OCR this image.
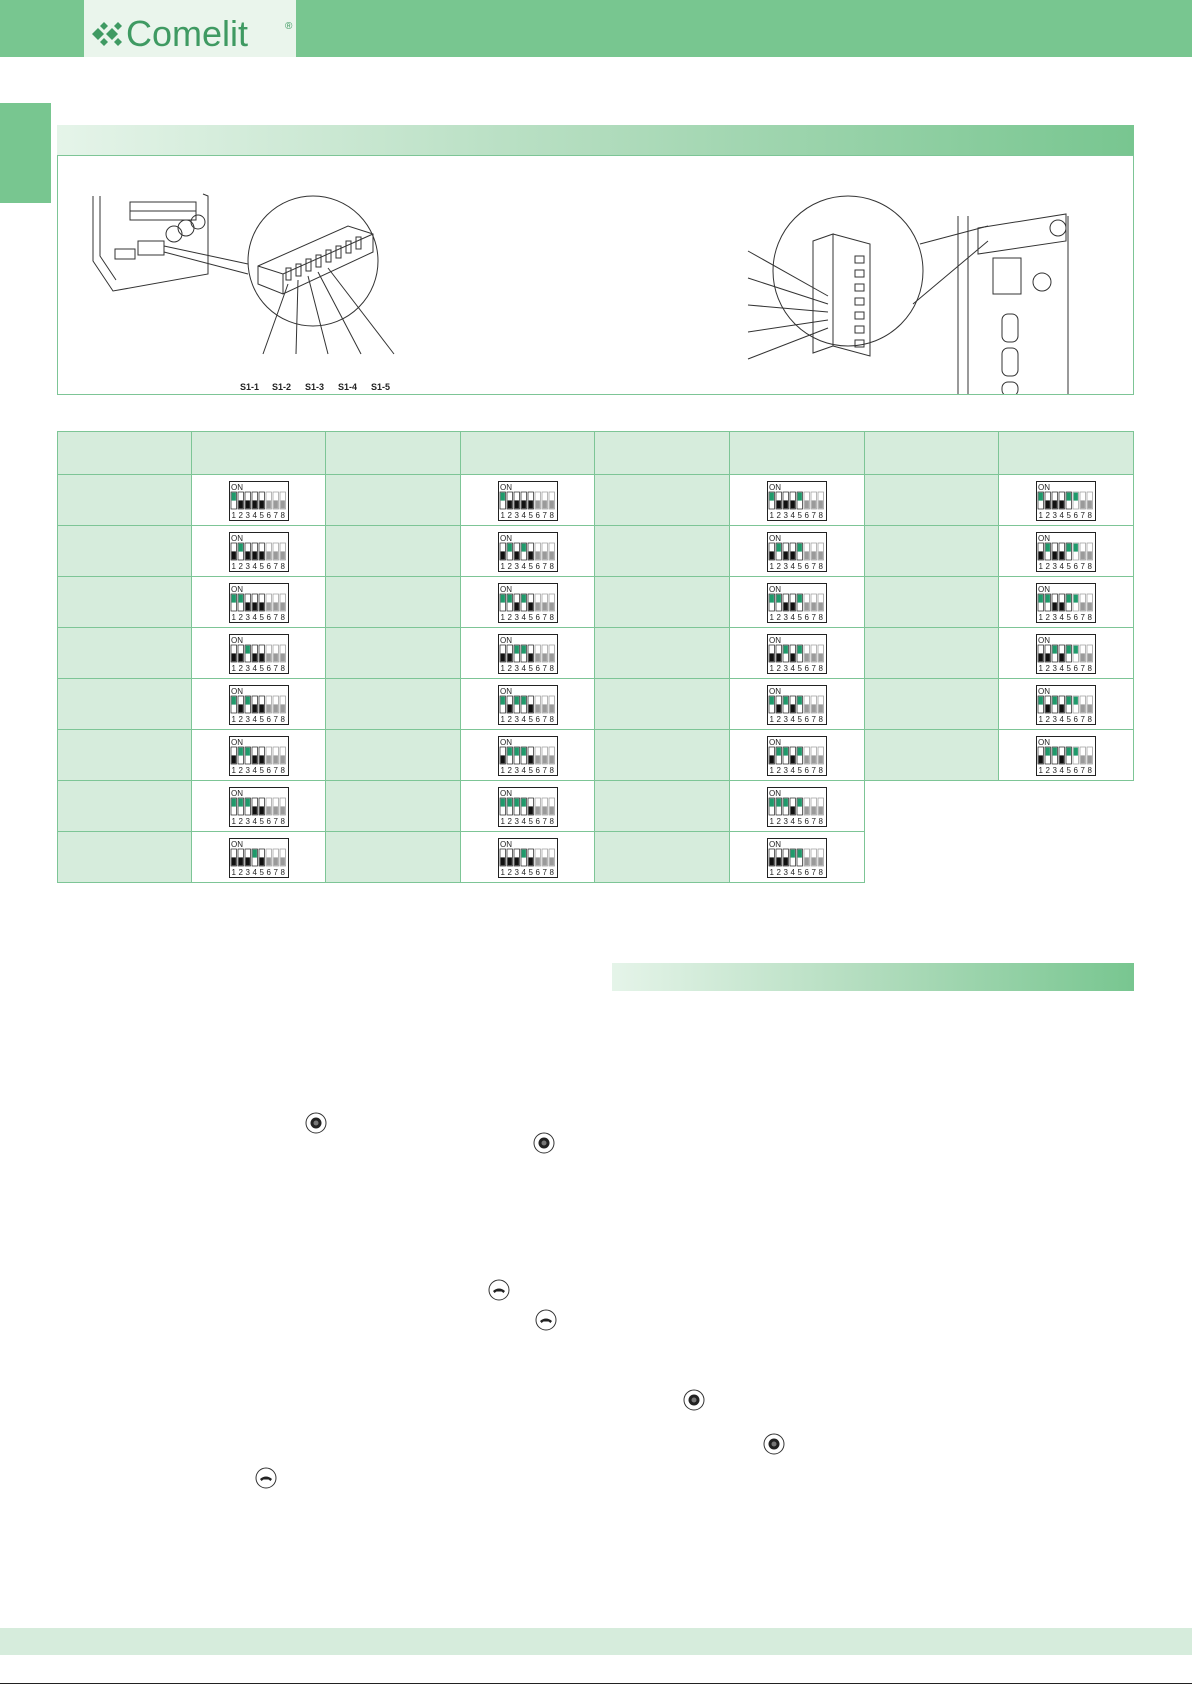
Comelit	®
S1-1 S1-2 S1-3 S1-4 S1-5
ON
1 2 3 4 5 6 7 8
ON
1 2 3 4 5 6 7 8
ON
1 2 3 4 5 6 7 8
ON
1 2 3 4 5 6 7 8
ON
1 2 3 4 5 6 7 8
ON
1 2 3 4 5 6 7 8
ON
1 2 3 4 5 6 7 8
ON
1 2 3 4 5 6 7 8
ON
1 2 3 4 5 6 7 8
ON
1 2 3 4 5 6 7 8
ON
1 2 3 4 5 6 7 8
ON
1 2 3 4 5 6 7 8
ON
1 2 3 4 5 6 7 8
ON
1 2 3 4 5 6 7 8
ON
1 2 3 4 5 6 7 8
ON
1 2 3 4 5 6 7 8
ON
1 2 3 4 5 6 7 8
ON
1 2 3 4 5 6 7 8
ON
1 2 3 4 5 6 7 8
ON
1 2 3 4 5 6 7 8
ON
1 2 3 4 5 6 7 8
ON
1 2 3 4 5 6 7 8
ON
1 2 3 4 5 6 7 8
ON
1 2 3 4 5 6 7 8
ON
1 2 3 4 5 6 7 8
ON
1 2 3 4 5 6 7 8
ON
1 2 3 4 5 6 7 8
ON
1 2 3 4 5 6 7 8
ON
1 2 3 4 5 6 7 8
ON
1 2 3 4 5 6 7 8
